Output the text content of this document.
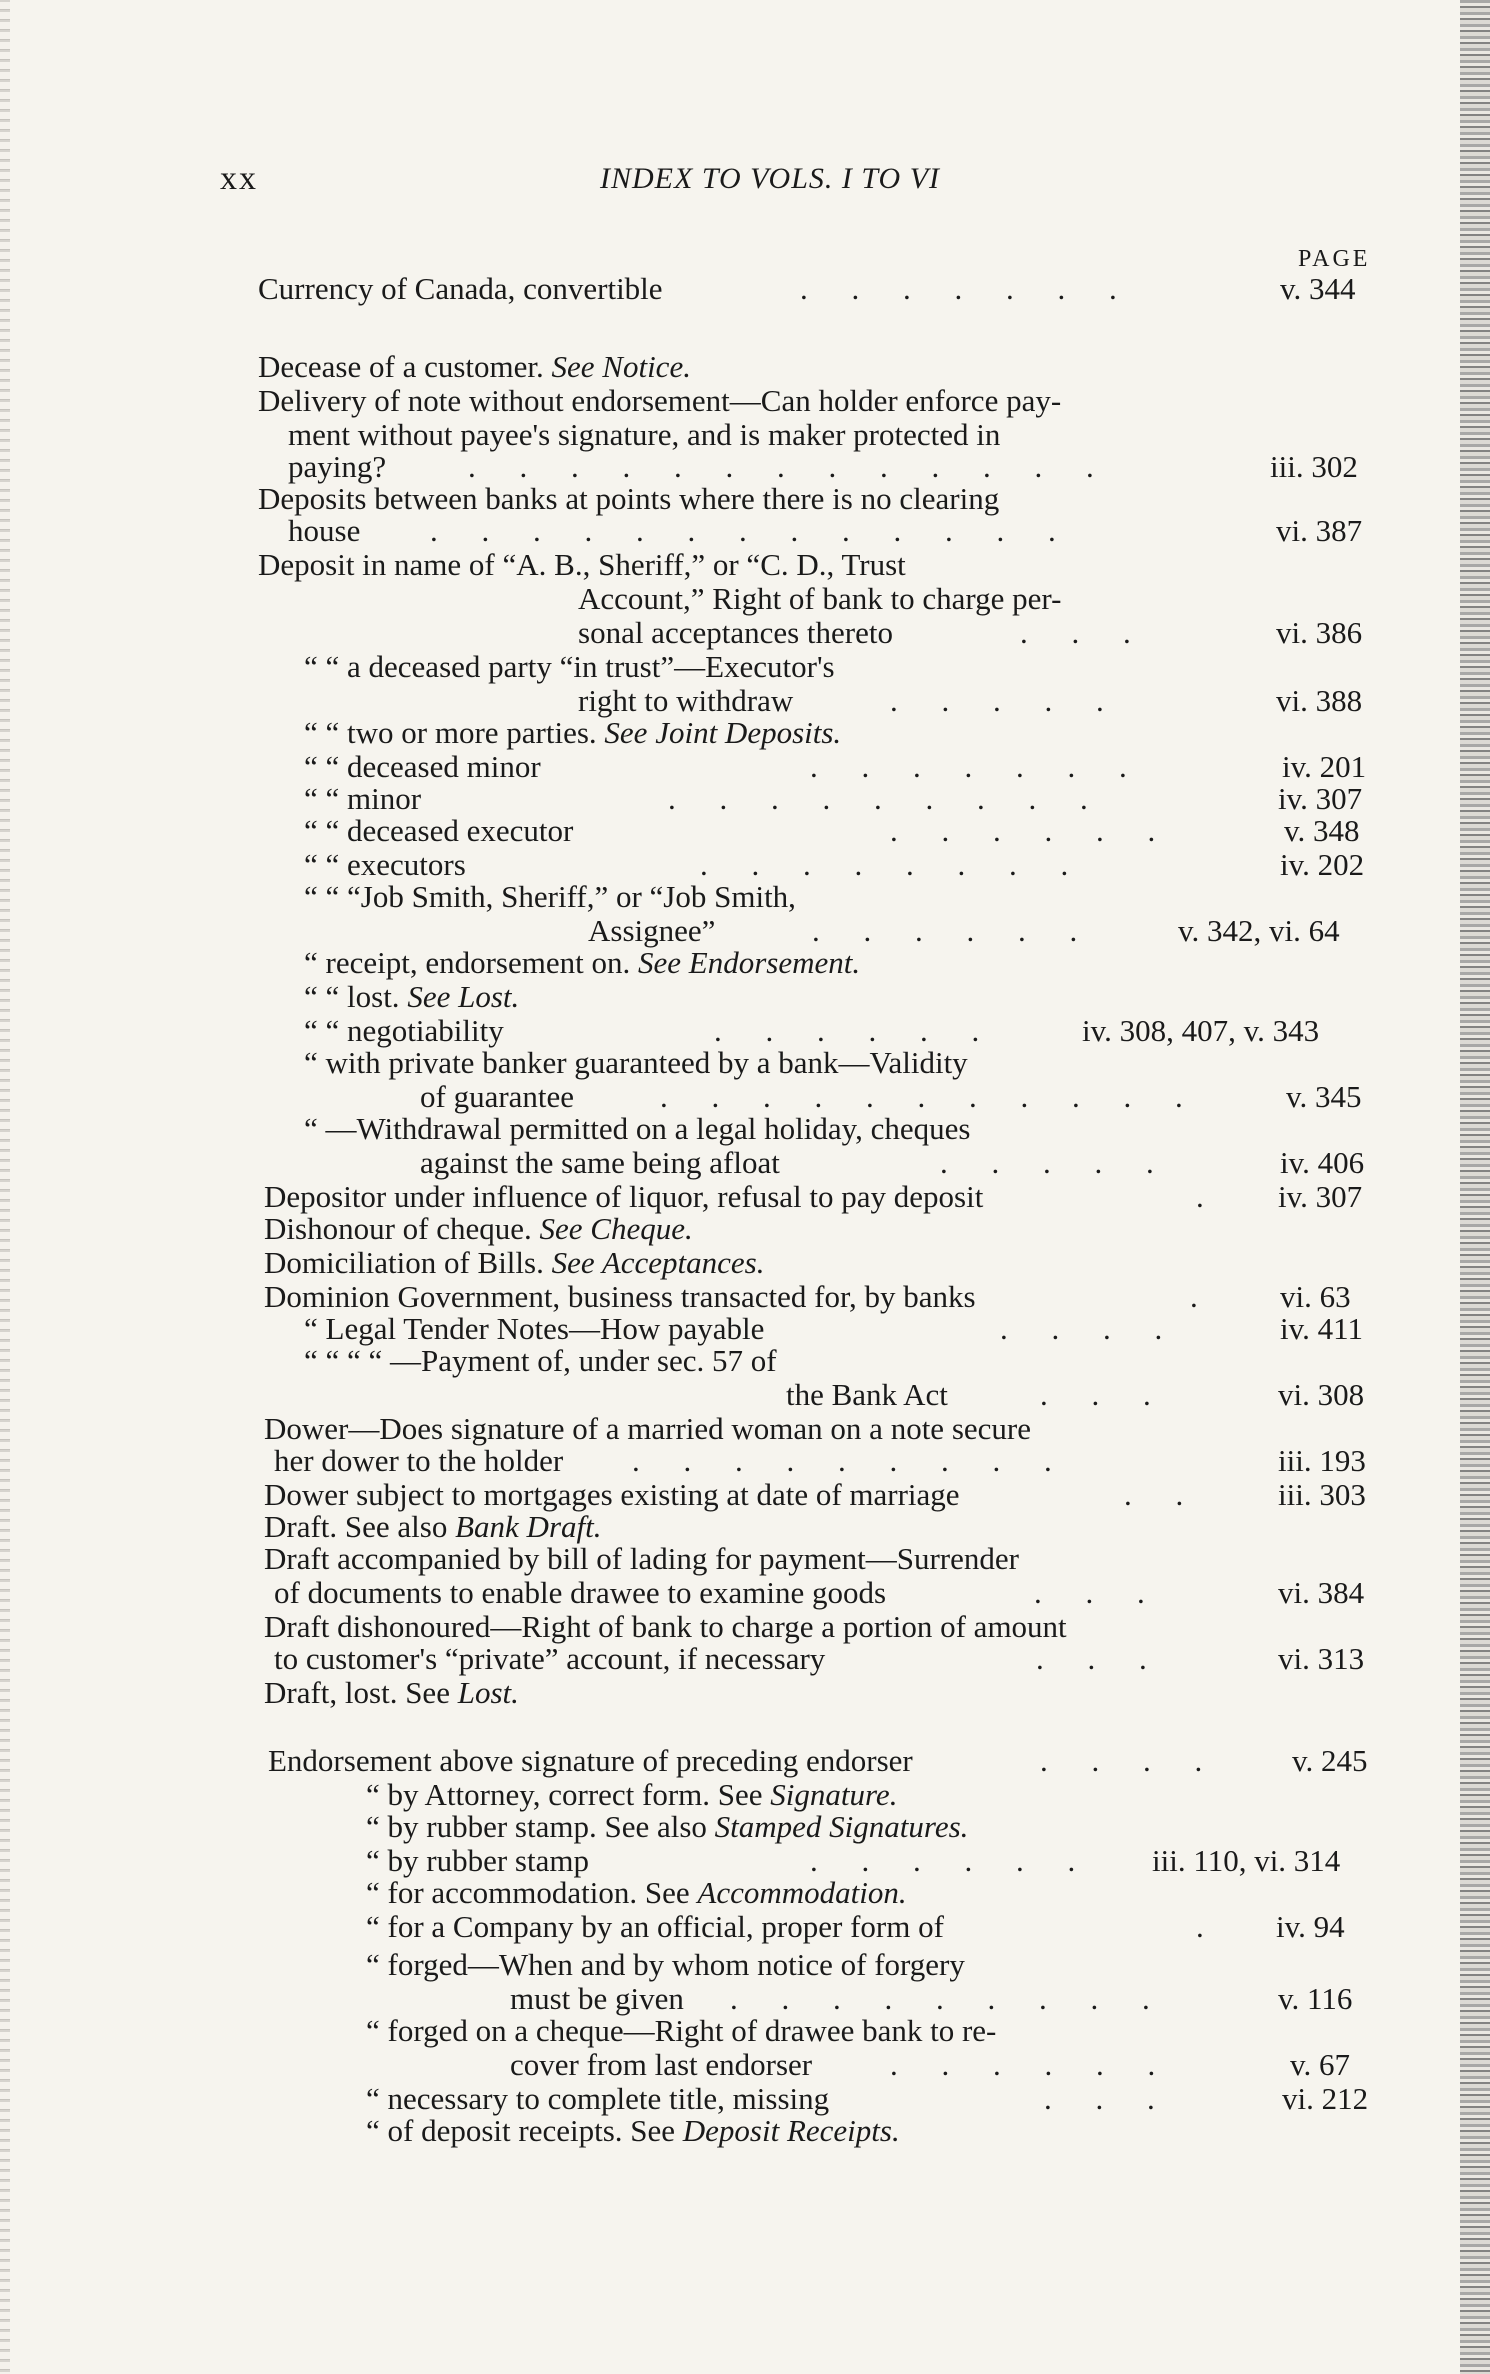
xx	INDEX TO VOLS. I TO VI
PAGE
Currency of Canada, convertible	. . . . . . .	v. 344
Decease of a customer. See Notice.
Delivery of note without endorsement—Can holder enforce pay-
ment without payee's signature, and is maker protected in
paying?	. . . . . . . . . . . . .	iii. 302
Deposits between banks at points where there is no clearing
house . . . . . . . . . . . . .	vi. 387
Deposit in name of “A. B., Sheriff,” or “C. D., Trust
Account,” Right of bank to charge per-
sonal acceptances thereto	. . .	vi. 386
“ “ a deceased party “in trust”—Executor's
right to withdraw	. . . . .	vi. 388
“ “ two or more parties. See Joint Deposits.
“ “ deceased minor	. . . . . . .	iv. 201
“ “ minor	. . . . . . . . .	iv. 307
“ “ deceased executor	. . . . . .	v. 348
“ “ executors	. . . . . . . .	iv. 202
“ “ “Job Smith, Sheriff,” or “Job Smith,
Assignee”	. . . . . .	v. 342, vi. 64
“ receipt, endorsement on. See Endorsement.
“ “ lost. See Lost.
“ “ negotiability	. . . . . .	iv. 308, 407, v. 343
“ with private banker guaranteed by a bank—Validity
of guarantee	. . . . . . . . . . .	v. 345
“ —Withdrawal permitted on a legal holiday, cheques
against the same being afloat	. . . . .	iv. 406
Depositor under influence of liquor, refusal to pay deposit	. iv. 307
Dishonour of cheque. See Cheque.
Domiciliation of Bills. See Acceptances.
Dominion Government, business transacted for, by banks	. vi. 63
“ Legal Tender Notes—How payable	. . . .	iv. 411
“ “ “ “ —Payment of, under sec. 57 of
the Bank Act	. . .	vi. 308
Dower—Does signature of a married woman on a note secure
her dower to the holder . . . . . . . . .	iii. 193
Dower subject to mortgages existing at date of marriage	. . iii. 303
Draft. See also Bank Draft.
Draft accompanied by bill of lading for payment—Surrender
of documents to enable drawee to examine goods	. . .	vi. 384
Draft dishonoured—Right of bank to charge a portion of amount
to customer's “private” account, if necessary	. . .	vi. 313
Draft, lost. See Lost.
Endorsement above signature of preceding endorser	. . . . v. 245
“ by Attorney, correct form. See Signature.
“ by rubber stamp. See also Stamped Signatures.
“ by rubber stamp	. . . . . . iii. 110, vi. 314
“ for accommodation. See Accommodation.
“ for a Company by an official, proper form of	. iv. 94
“ forged—When and by whom notice of forgery
must be given . . . . . . . . .	v. 116
“ forged on a cheque—Right of drawee bank to re-
cover from last endorser	. . . . . .	v. 67
“ necessary to complete title, missing	. . .	vi. 212
“ of deposit receipts. See Deposit Receipts.
